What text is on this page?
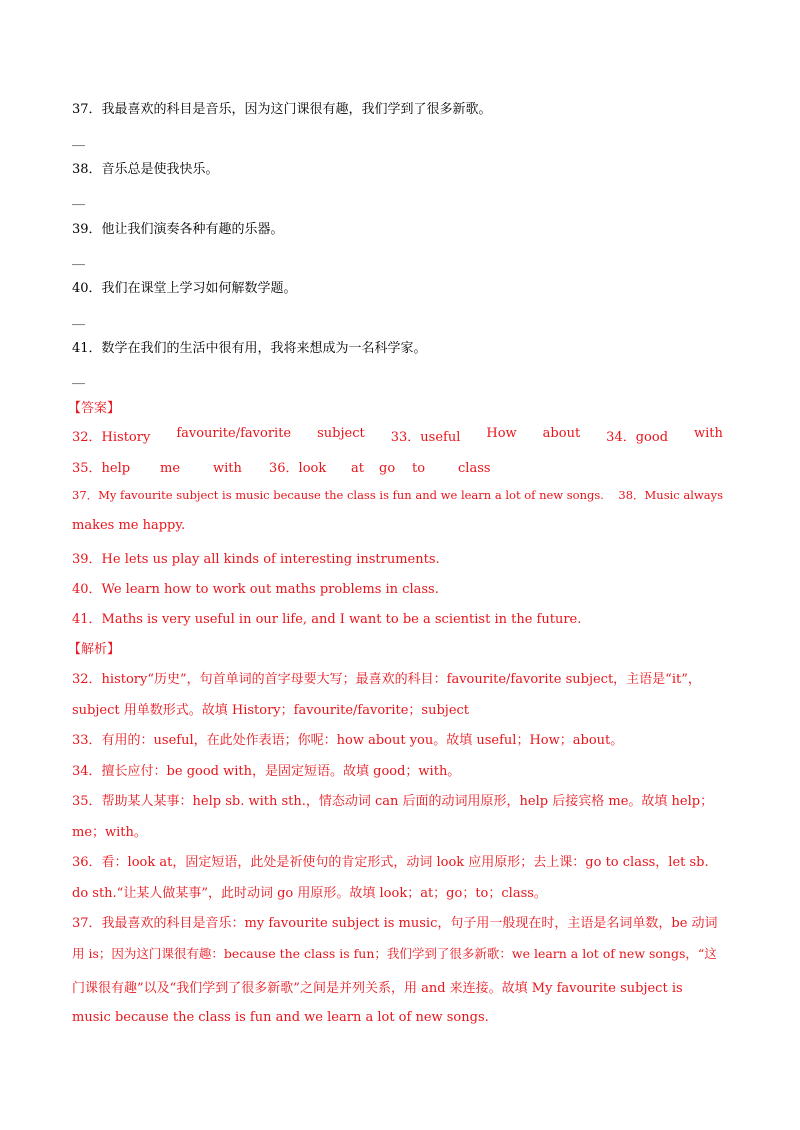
37．我最喜欢的科目是音乐，因为这门课很有趣，我们学到了很多新歌。
__
38．音乐总是使我快乐。
__
39．他让我们演奏各种有趣的乐器。
__
40．我们在课堂上学习如何解数学题。
__
41．数学在我们的生活中很有用，我将来想成为一名科学家。
__
【答案】
32．History favourite/favorite subject 33．useful How about 34．good with
35．help me	with 36．look at go to	class
37．My favourite subject is music because the class is fun and we learn a lot of new songs. 38．Music always
makes me happy.
39．He lets us play all kinds of interesting instruments.
40．We learn how to work out maths problems in class.
41．Maths is very useful in our life, and I want to be a scientist in the future.
【解析】
32．history“历史”，句首单词的首字母要大写；最喜欢的科目：favourite/favorite subject，主语是“it”，
subject 用单数形式。故填 History；favourite/favorite；subject
33．有用的：useful，在此处作表语；你呢：how about you。故填 useful；How；about。
34．擅长应付：be good with，是固定短语。故填 good；with。
35．帮助某人某事：help sb. with sth.，情态动词 can 后面的动词用原形，help 后接宾格 me。故填 help；
me；with。
36．看：look at，固定短语，此处是祈使句的肯定形式，动词 look 应用原形；去上课：go to class，let sb.
do sth.“让某人做某事”，此时动词 go 用原形。故填 look；at；go；to；class。
37．我最喜欢的科目是音乐：my favourite subject is music，句子用一般现在时，主语是名词单数，be 动词
用 is；因为这门课很有趣：because the class is fun；我们学到了很多新歌：we learn a lot of new songs，“这
门课很有趣”以及“我们学到了很多新歌”之间是并列关系，用 and 来连接。故填 My favourite subject is
music because the class is fun and we learn a lot of new songs.
